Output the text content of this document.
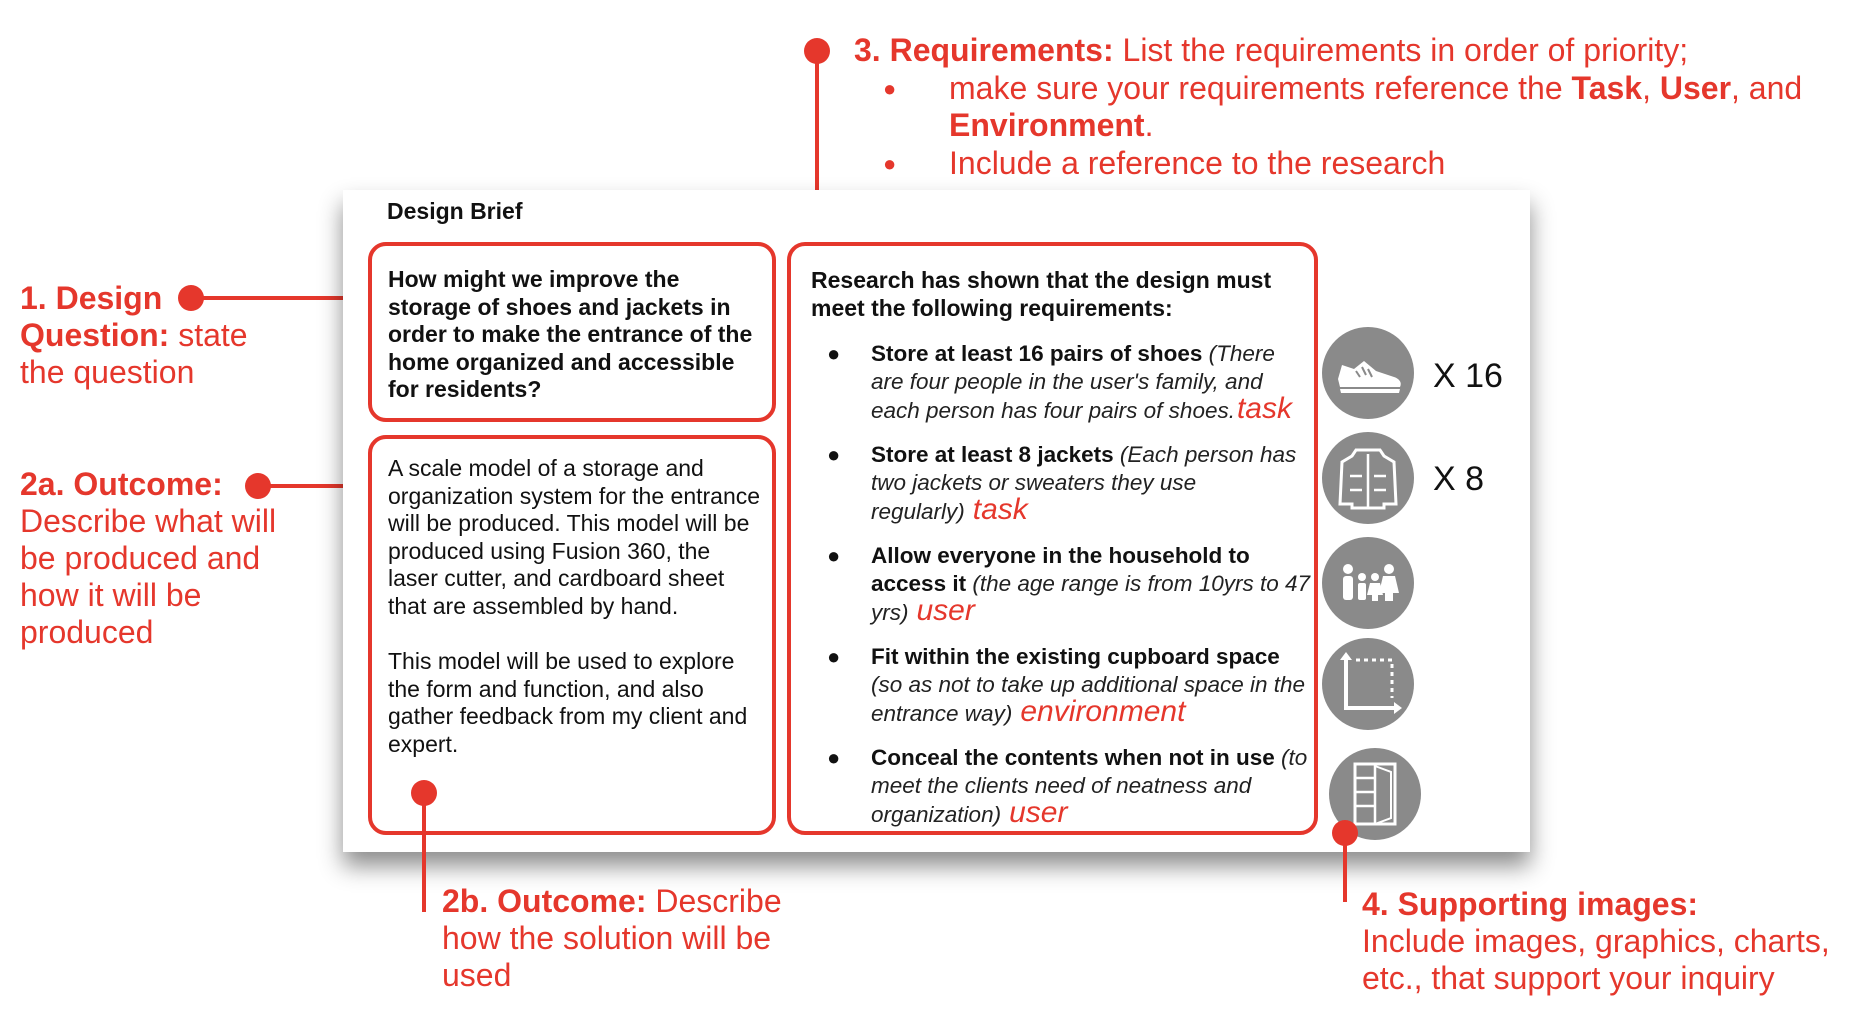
3. Requirements: List the requirements in order of priority;
● make sure your requirements reference the Task, User, and Environment.
● Include a reference to the research
1. Design Question: state the question
2a. Outcome:
Describe what will be produced and how it will be produced
Design Brief
How might we improve the storage of shoes and jackets in order to make the entrance of the home organized and accessible for residents?

A scale model of a storage and organization system for the entrance will be produced. This model will be produced using Fusion 360, the laser cutter, and cardboard sheet that are assembled by hand.

This model will be used to explore the form and function, and also gather feedback from my client and expert.

Research has shown that the design must meet the following requirements:
● Store at least 16 pairs of shoes (There are four people in the user's family, and each person has four pairs of shoes.task
● Store at least 8 jackets (Each person has two jackets or sweaters they use regularly) task
● Allow everyone in the household to access it (the age range is from 10yrs to 47 yrs) user
● Fit within the existing cupboard space (so as not to take up additional space in the entrance way) environment
● Conceal the contents when not in use (to meet the clients need of neatness and organization) user
X 16
X 8
2b. Outcome: Describe how the solution will be used
4. Supporting images:
Include images, graphics, charts, etc., that support your inquiry
